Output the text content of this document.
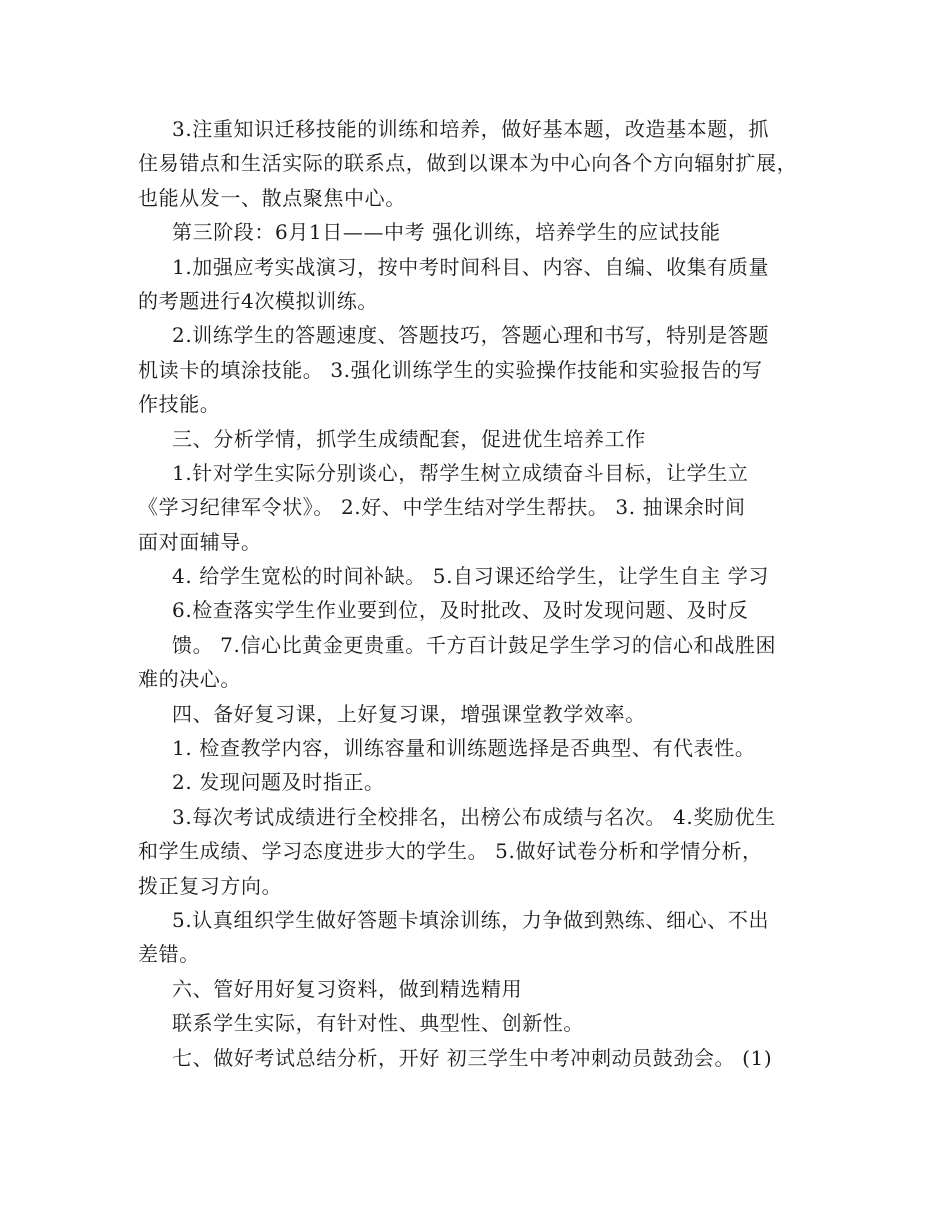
3.注重知识迁移技能的训练和培养，做好基本题，改造基本题，抓
住易错点和生活实际的联系点，做到以课本为中心向各个方向辐射扩展，
也能从发一、散点聚焦中心。
第三阶段：6月1日——中考 强化训练，培养学生的应试技能
1.加强应考实战演习，按中考时间科目、内容、自编、收集有质量
的考题进行4次模拟训练。
2.训练学生的答题速度、答题技巧，答题心理和书写，特别是答题
机读卡的填涂技能。 3.强化训练学生的实验操作技能和实验报告的写
作技能。
三、分析学情，抓学生成绩配套，促进优生培养工作
1.针对学生实际分别谈心，帮学生树立成绩奋斗目标，让学生立
《学习纪律军令状》。 2.好、中学生结对学生帮扶。 3. 抽课余时间
面对面辅导。
4. 给学生宽松的时间补缺。 5.自习课还给学生，让学生自主 学习
6.检查落实学生作业要到位，及时批改、及时发现问题、及时反
馈。 7.信心比黄金更贵重。千方百计鼓足学生学习的信心和战胜困
难的决心。
四、备好复习课，上好复习课，增强课堂教学效率。
1. 检查教学内容，训练容量和训练题选择是否典型、有代表性。
2. 发现问题及时指正。
3.每次考试成绩进行全校排名，出榜公布成绩与名次。 4.奖励优生
和学生成绩、学习态度进步大的学生。 5.做好试卷分析和学情分析，
拨正复习方向。
5.认真组织学生做好答题卡填涂训练，力争做到熟练、细心、不出
差错。
六、管好用好复习资料，做到精选精用
联系学生实际，有针对性、典型性、创新性。
七、做好考试总结分析，开好 初三学生中考冲刺动员鼓劲会。 (1)
